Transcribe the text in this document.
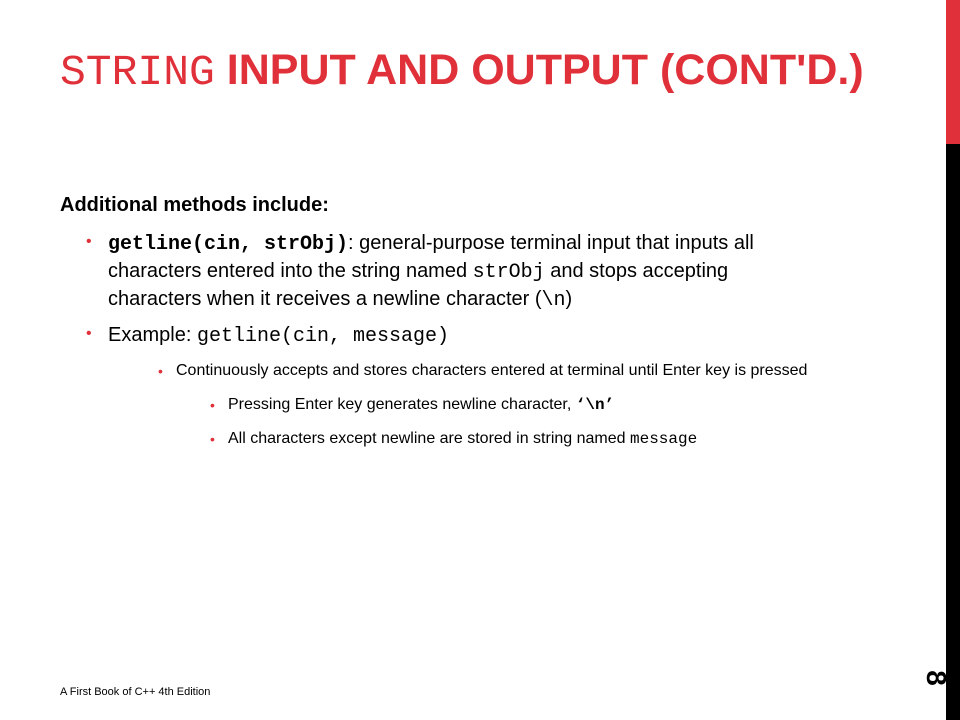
STRING INPUT AND OUTPUT (CONT'D.)

Additional methods include:

• getline(cin, strObj): general-purpose terminal input that inputs all characters entered into the string named strObj and stops accepting characters when it receives a newline character (\n)

• Example: getline(cin, message)

• Continuously accepts and stores characters entered at terminal until Enter key is pressed

• Pressing Enter key generates newline character, ‘\n’

• All characters except newline are stored in string named message

A First Book of C++ 4th Edition
8
